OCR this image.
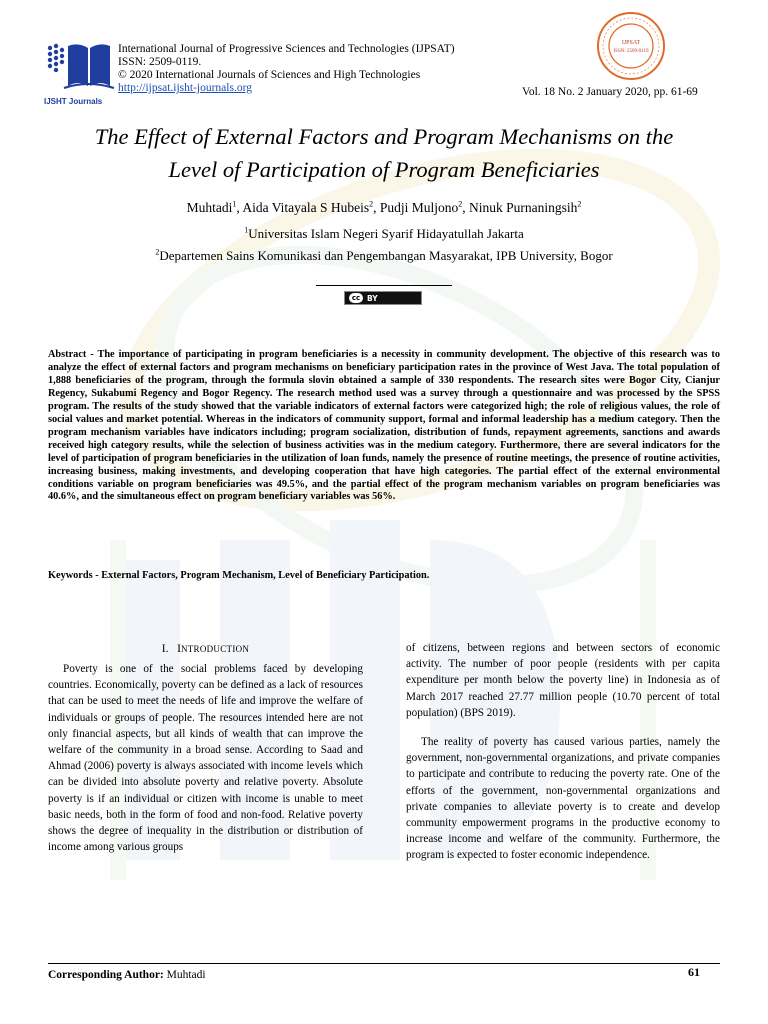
IJSHT Journals
International Journal of Progressive Sciences and Technologies (IJPSAT)
ISSN: 2509-0119.
© 2020 International Journals of Sciences and High Technologies
http://ijpsat.ijsht-journals.org	Vol. 18 No. 2 January 2020, pp. 61-69
IJPSAT
ISSN: 2509-0119
The Effect of External Factors and Program Mechanisms on the
Level of Participation of Program Beneficiaries
Muhtadi$^1$, Aida Vitayala S Hubeis$^2$, Pudji Muljono$^2$, Ninuk Purnaningsih$^2$
$^1$Universitas Islam Negeri Syarif Hidayatullah Jakarta
$^2$Departemen Sains Komunikasi dan Pengembangan Masyarakat, IPB University, Bogor
cc BY
Abstract - The importance of participating in program beneficiaries is a necessity in community development. The objective of this research was to analyze the effect of external factors and program mechanisms on beneficiary participation rates in the province of West Java. The total population of 1,888 beneficiaries of the program, through the formula slovin obtained a sample of 330 respondents. The research sites were Bogor City, Cianjur Regency, Sukabumi Regency and Bogor Regency. The research method used was a survey through a questionnaire and was processed by the SPSS program. The results of the study showed that the variable indicators of external factors were categorized high; the role of religious values, the role of social values and market potential. Whereas in the indicators of community support, formal and informal leadership has a medium category. Then the program mechanism variables have indicators including; program socialization, distribution of funds, repayment agreements, sanctions and awards received high category results, while the selection of business activities was in the medium category. Furthermore, there are several indicators for the level of participation of program beneficiaries in the utilization of loan funds, namely the presence of routine meetings, the presence of routine activities, increasing business, making investments, and developing cooperation that have high categories. The partial effect of the external environmental conditions variable on program beneficiaries was 49.5%, and the partial effect of the program mechanism variables on program beneficiaries was 40.6%, and the simultaneous effect on program beneficiary variables was 56%.
Keywords - External Factors, Program Mechanism, Level of Beneficiary Participation.
I. INTRODUCTION

Poverty is one of the social problems faced by developing countries. Economically, poverty can be defined as a lack of resources that can be used to meet the needs of life and improve the welfare of individuals or groups of people. The resources intended here are not only financial aspects, but all kinds of wealth that can improve the welfare of the community in a broad sense. According to Saad and Ahmad (2006) poverty is always associated with income levels which can be divided into absolute poverty and relative poverty. Absolute poverty is if an individual or citizen with income is unable to meet basic needs, both in the form of food and non-food. Relative poverty shows the degree of inequality in the distribution or distribution of income among various groups

of citizens, between regions and between sectors of economic activity. The number of poor people (residents with per capita expenditure per month below the poverty line) in Indonesia as of March 2017 reached 27.77 million people (10.70 percent of total population) (BPS 2019).

The reality of poverty has caused various parties, namely the government, non-governmental organizations, and private companies to participate and contribute to reducing the poverty rate. One of the efforts of the government, non-governmental organizations and private companies to alleviate poverty is to create and develop community empowerment programs in the productive economy to increase income and welfare of the community. Furthermore, the program is expected to foster economic independence.

Corresponding Author: Muhtadi	61
